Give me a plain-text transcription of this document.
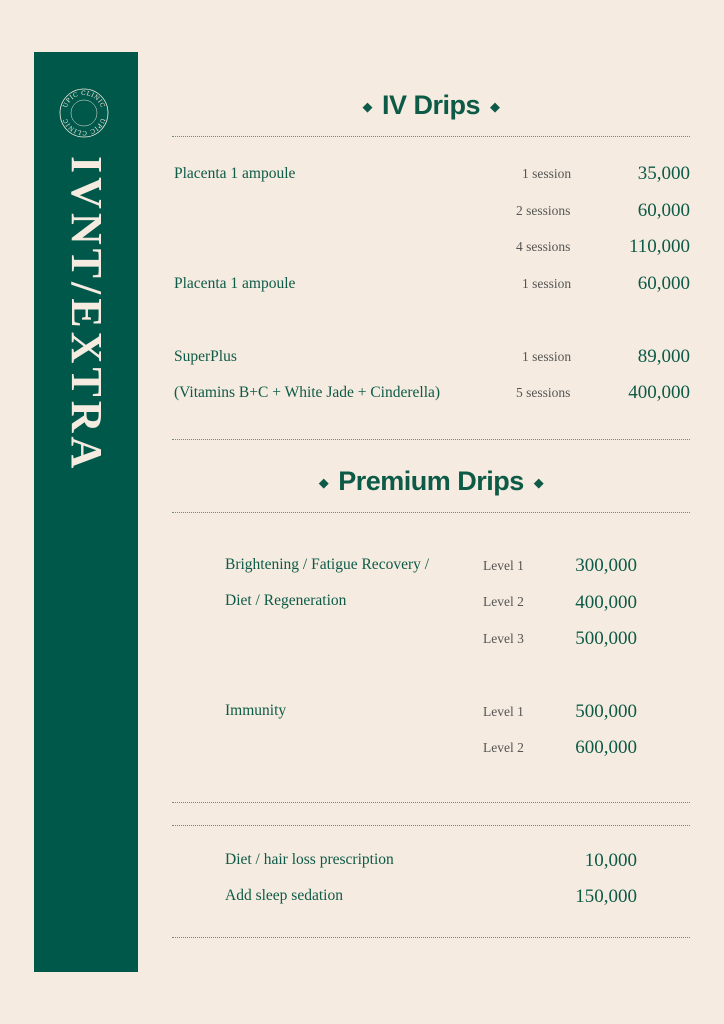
UPIC CLINIC
UPIC CLINIC
IVNT/EXTRA
◆ IV Drips ◆
Placenta 1 ampoule	1 session	35,000
2 sessions	60,000
4 sessions	110,000
Placenta 1 ampoule	1 session	60,000
SuperPlus	1 session	89,000
(Vitamins B+C + White Jade + Cinderella)	5 sessions	400,000
◆ Premium Drips ◆
Brightening / Fatigue Recovery /	Level 1	300,000
Diet / Regeneration	Level 2	400,000
Level 3	500,000
Immunity	Level 1	500,000
Level 2	600,000
Diet / hair loss prescription	10,000
Add sleep sedation	150,000
